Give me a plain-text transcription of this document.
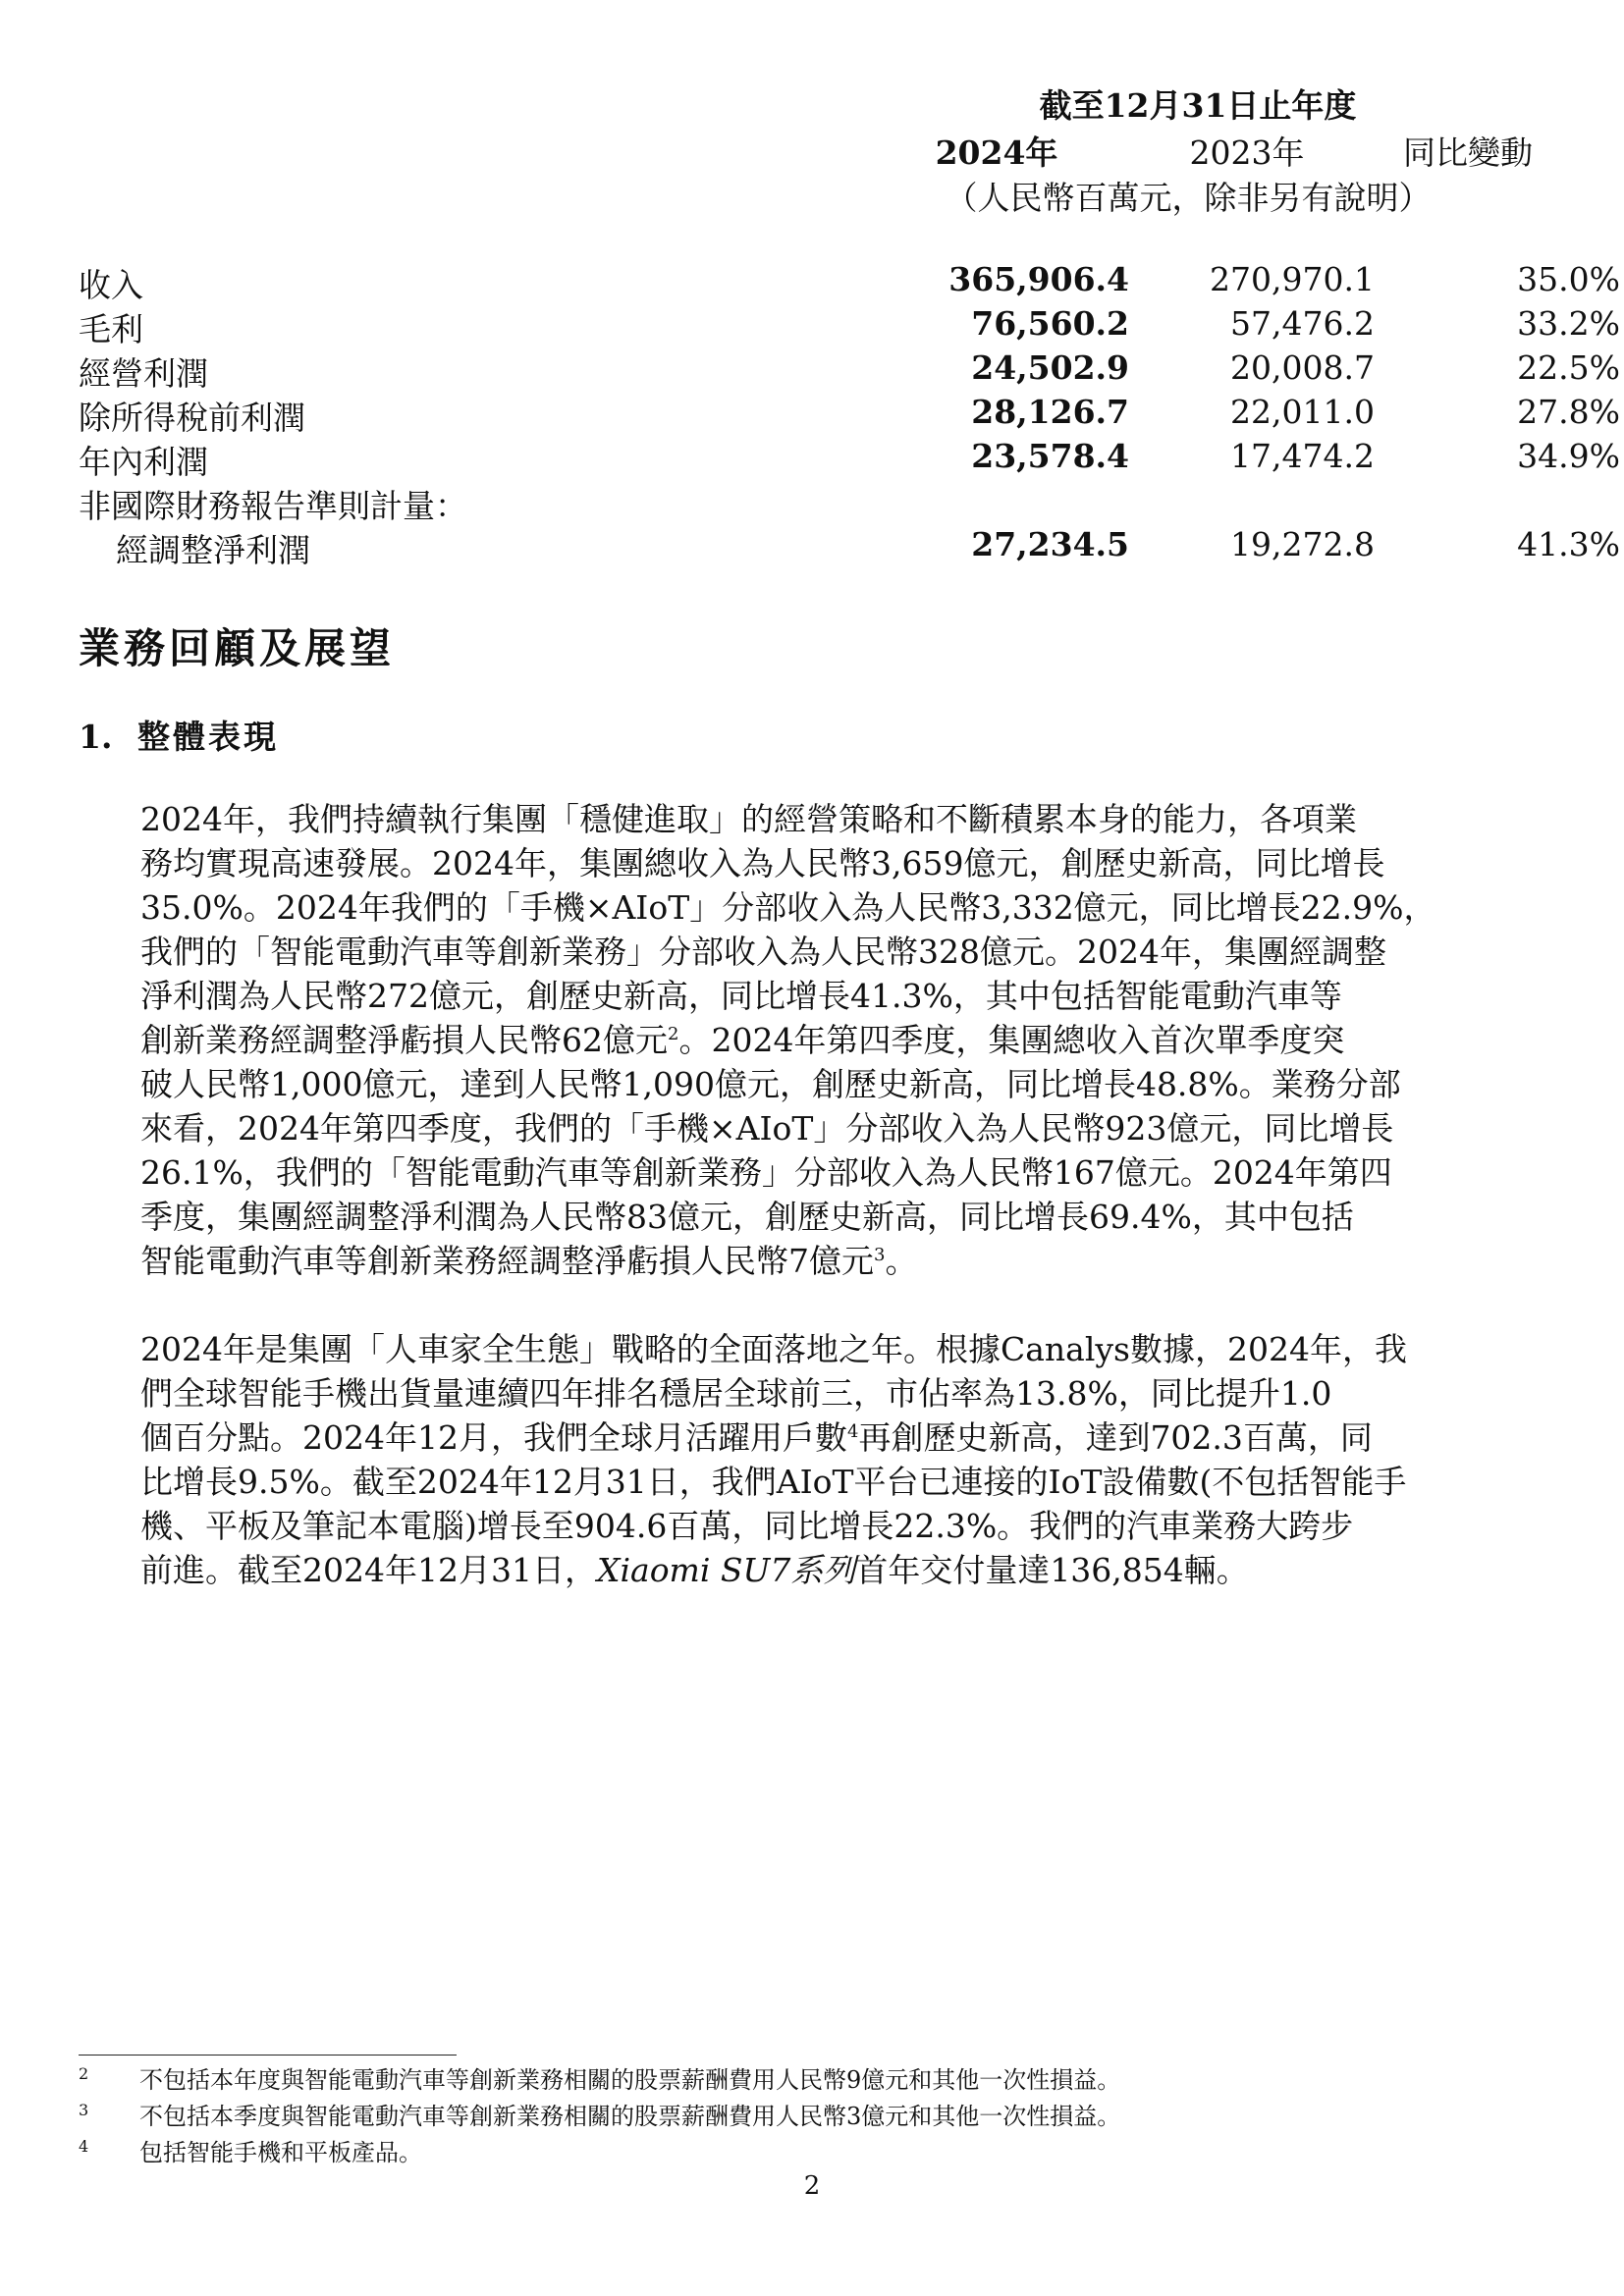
截至12月31日止年度
2024年	2023年	同比變動
（人民幣百萬元，除非另有說明）
收入	365,906.4	270,970.1	35.0%
毛利	76,560.2	57,476.2	33.2%
經營利潤	24,502.9	20,008.7	22.5%
除所得稅前利潤	28,126.7	22,011.0	27.8%
年內利潤	23,578.4	17,474.2	34.9%
非國際財務報告準則計量：
經調整淨利潤	27,234.5	19,272.8	41.3%
業務回顧及展望
1. 整體表現
2024年，我們持續執行集團「穩健進取」的經營策略和不斷積累本身的能力，各項業
務均實現高速發展。2024年，集團總收入為人民幣3,659億元，創歷史新高，同比增長
35.0%。2024年我們的「手機×AIoT」分部收入為人民幣3,332億元，同比增長22.9%，
我們的「智能電動汽車等創新業務」分部收入為人民幣328億元。2024年，集團經調整
淨利潤為人民幣272億元，創歷史新高，同比增長41.3%，其中包括智能電動汽車等
創新業務經調整淨虧損人民幣62億元$^2$。2024年第四季度，集團總收入首次單季度突
破人民幣1,000億元，達到人民幣1,090億元，創歷史新高，同比增長48.8%。業務分部
來看，2024年第四季度，我們的「手機×AIoT」分部收入為人民幣923億元，同比增長
26.1%，我們的「智能電動汽車等創新業務」分部收入為人民幣167億元。2024年第四
季度，集團經調整淨利潤為人民幣83億元，創歷史新高，同比增長69.4%，其中包括
智能電動汽車等創新業務經調整淨虧損人民幣7億元$^3$。
2024年是集團「人車家全生態」戰略的全面落地之年。根據Canalys數據，2024年，我
們全球智能手機出貨量連續四年排名穩居全球前三，市佔率為13.8%，同比提升1.0
個百分點。2024年12月，我們全球月活躍用戶數$^4$再創歷史新高，達到702.3百萬，同
比增長9.5%。截至2024年12月31日，我們AIoT平台已連接的IoT設備數(不包括智能手
機、平板及筆記本電腦)增長至904.6百萬，同比增長22.3%。我們的汽車業務大跨步
前進。截至2024年12月31日，Xiaomi SU7系列首年交付量達136,854輛。
2 不包括本年度與智能電動汽車等創新業務相關的股票薪酬費用人民幣9億元和其他一次性損益。
3 不包括本季度與智能電動汽車等創新業務相關的股票薪酬費用人民幣3億元和其他一次性損益。
4 包括智能手機和平板產品。
2
